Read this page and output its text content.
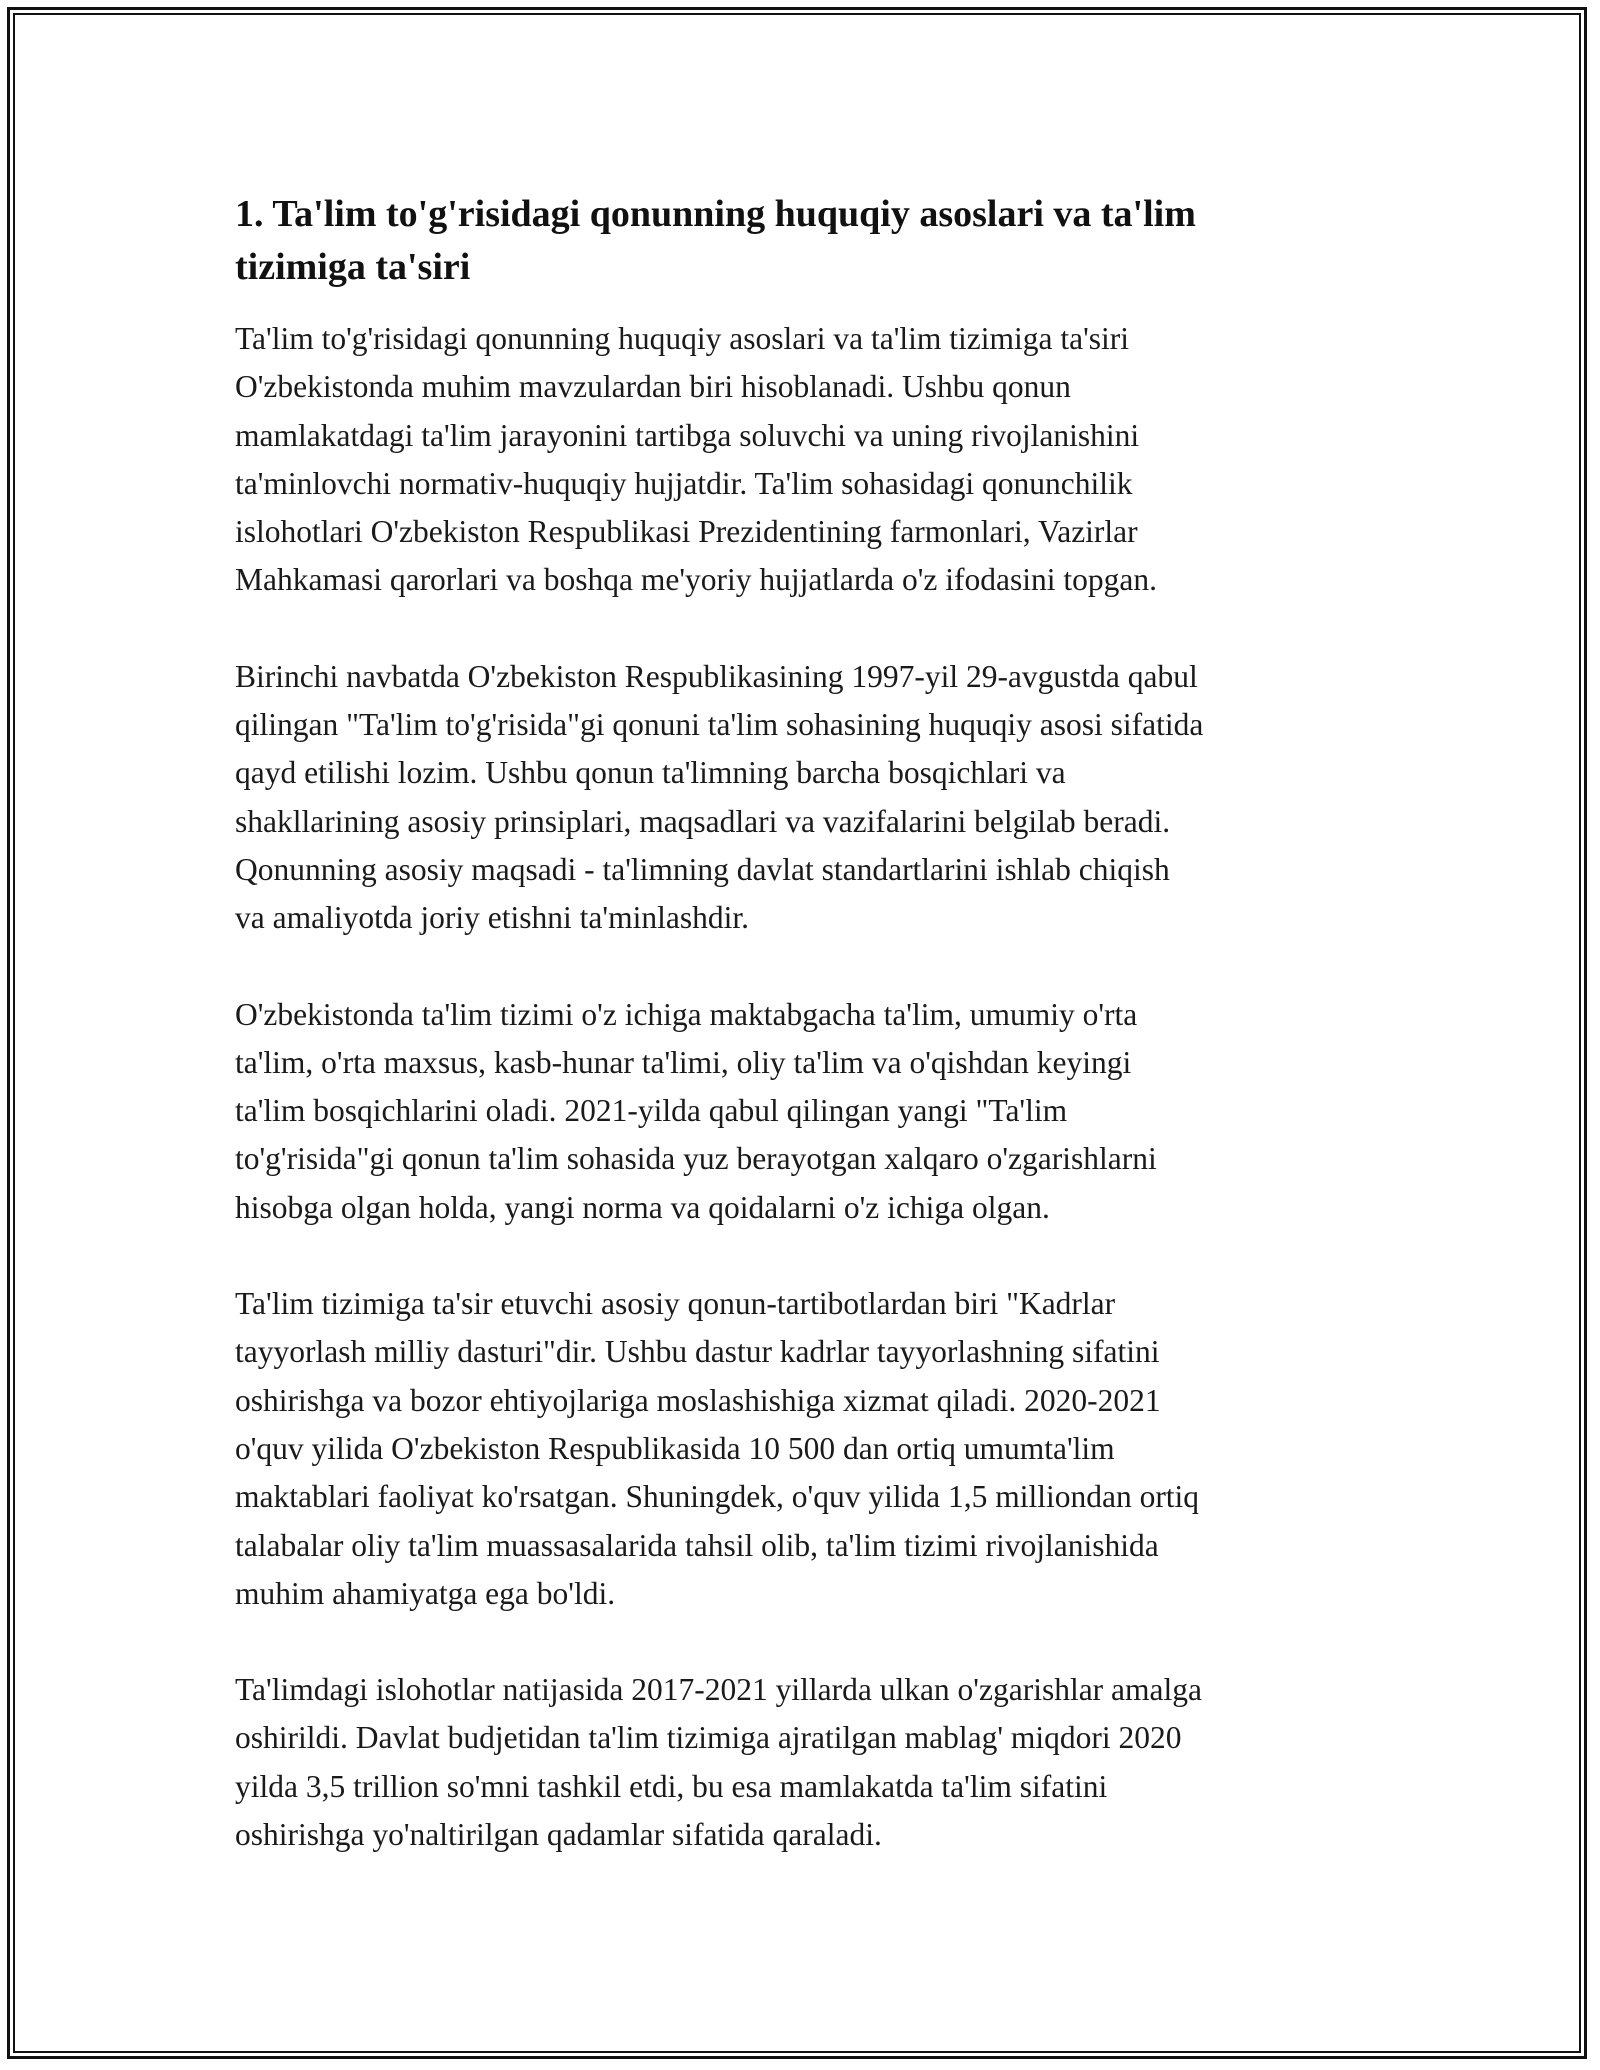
1. Ta'lim to'g'risidagi qonunning huquqiy asoslari va ta'lim
tizimiga ta'siri

Ta'lim to'g'risidagi qonunning huquqiy asoslari va ta'lim tizimiga ta'siri
O'zbekistonda muhim mavzulardan biri hisoblanadi. Ushbu qonun
mamlakatdagi ta'lim jarayonini tartibga soluvchi va uning rivojlanishini
ta'minlovchi normativ-huquqiy hujjatdir. Ta'lim sohasidagi qonunchilik
islohotlari O'zbekiston Respublikasi Prezidentining farmonlari, Vazirlar
Mahkamasi qarorlari va boshqa me'yoriy hujjatlarda o'z ifodasini topgan.

Birinchi navbatda O'zbekiston Respublikasining 1997-yil 29-avgustda qabul
qilingan "Ta'lim to'g'risida"gi qonuni ta'lim sohasining huquqiy asosi sifatida
qayd etilishi lozim. Ushbu qonun ta'limning barcha bosqichlari va
shakllarining asosiy prinsiplari, maqsadlari va vazifalarini belgilab beradi.
Qonunning asosiy maqsadi - ta'limning davlat standartlarini ishlab chiqish
va amaliyotda joriy etishni ta'minlashdir.

O'zbekistonda ta'lim tizimi o'z ichiga maktabgacha ta'lim, umumiy o'rta
ta'lim, o'rta maxsus, kasb-hunar ta'limi, oliy ta'lim va o'qishdan keyingi
ta'lim bosqichlarini oladi. 2021-yilda qabul qilingan yangi "Ta'lim
to'g'risida"gi qonun ta'lim sohasida yuz berayotgan xalqaro o'zgarishlarni
hisobga olgan holda, yangi norma va qoidalarni o'z ichiga olgan.

Ta'lim tizimiga ta'sir etuvchi asosiy qonun-tartibotlardan biri "Kadrlar
tayyorlash milliy dasturi"dir. Ushbu dastur kadrlar tayyorlashning sifatini
oshirishga va bozor ehtiyojlariga moslashishiga xizmat qiladi. 2020-2021
o'quv yilida O'zbekiston Respublikasida 10 500 dan ortiq umumta'lim
maktablari faoliyat ko'rsatgan. Shuningdek, o'quv yilida 1,5 milliondan ortiq
talabalar oliy ta'lim muassasalarida tahsil olib, ta'lim tizimi rivojlanishida
muhim ahamiyatga ega bo'ldi.

Ta'limdagi islohotlar natijasida 2017-2021 yillarda ulkan o'zgarishlar amalga
oshirildi. Davlat budjetidan ta'lim tizimiga ajratilgan mablag' miqdori 2020
yilda 3,5 trillion so'mni tashkil etdi, bu esa mamlakatda ta'lim sifatini
oshirishga yo'naltirilgan qadamlar sifatida qaraladi.
